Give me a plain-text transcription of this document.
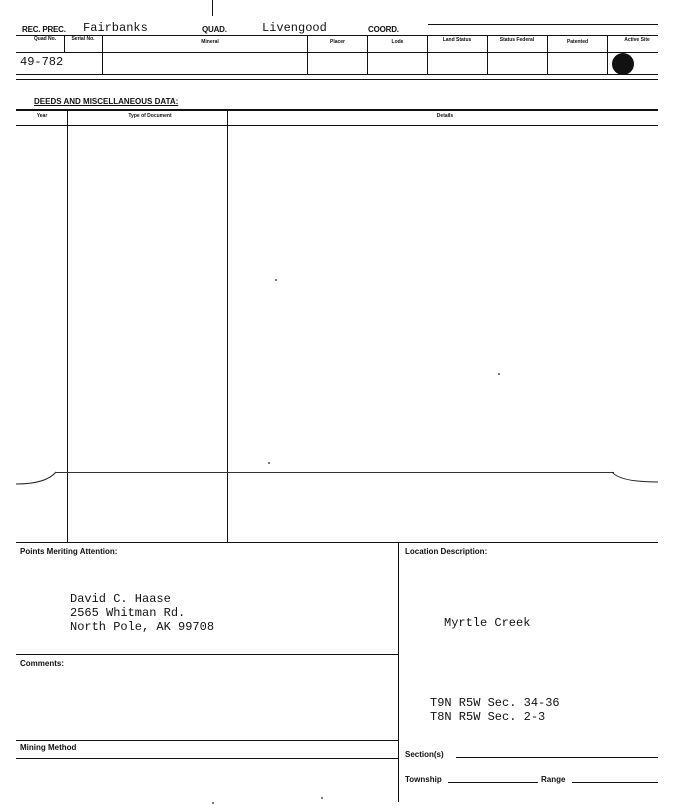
REC. PREC. Fairbanks	QUAD.	Livengood	COORD.
Quad No.	Serial No.	Mineral	Placer	Lode	Land Status	Status Federal	Patented	Active Site
49-782
DEEDS AND MISCELLANEOUS DATA:
Year	Type of Document	Details
Points Meriting Attention:
David C. Haase
2565 Whitman Rd.
North Pole, AK 99708
Location Description:
Myrtle Creek
T9N R5W Sec. 34-36
T8N R5W Sec. 2-3
Comments:
Mining Method
Section(s)
Township	Range
